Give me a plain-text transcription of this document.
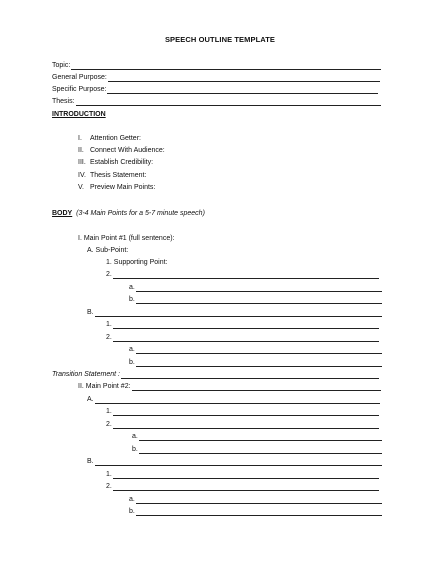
SPEECH OUTLINE TEMPLATE
Topic:
General Purpose:
Specific Purpose:
Thesis:
INTRODUCTION
I. Attention Getter:
II. Connect With Audience:
III. Establish Credibility:
IV. Thesis Statement:
V. Preview Main Points:
BODY (3-4 Main Points for a 5-7 minute speech)
I. Main Point #1 (full sentence):
A. Sub-Point:
1. Supporting Point:
2.
a.
b.
B.
1.
2.
a.
b.
Transition Statement :
II. Main Point #2:
A.
1.
2.
a.
b.
B.
1.
2.
a.
b.
